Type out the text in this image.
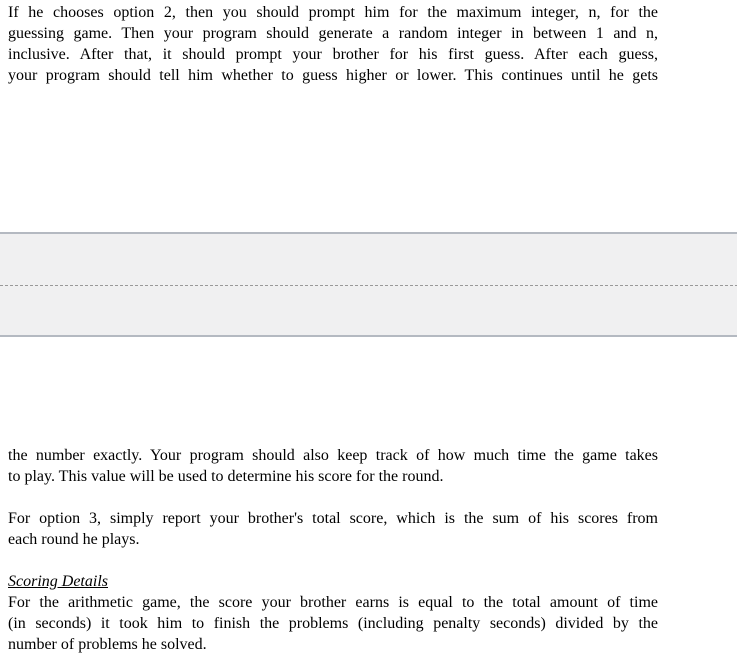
If he chooses option 2, then you should prompt him for the maximum integer, n, for the
guessing game. Then your program should generate a random integer in between 1 and n,
inclusive. After that, it should prompt your brother for his first guess. After each guess,
your program should tell him whether to guess higher or lower. This continues until he gets
the number exactly. Your program should also keep track of how much time the game takes
to play. This value will be used to determine his score for the round.
For option 3, simply report your brother's total score, which is the sum of his scores from
each round he plays.
Scoring Details
For the arithmetic game, the score your brother earns is equal to the total amount of time
(in seconds) it took him to finish the problems (including penalty seconds) divided by the
number of problems he solved.
